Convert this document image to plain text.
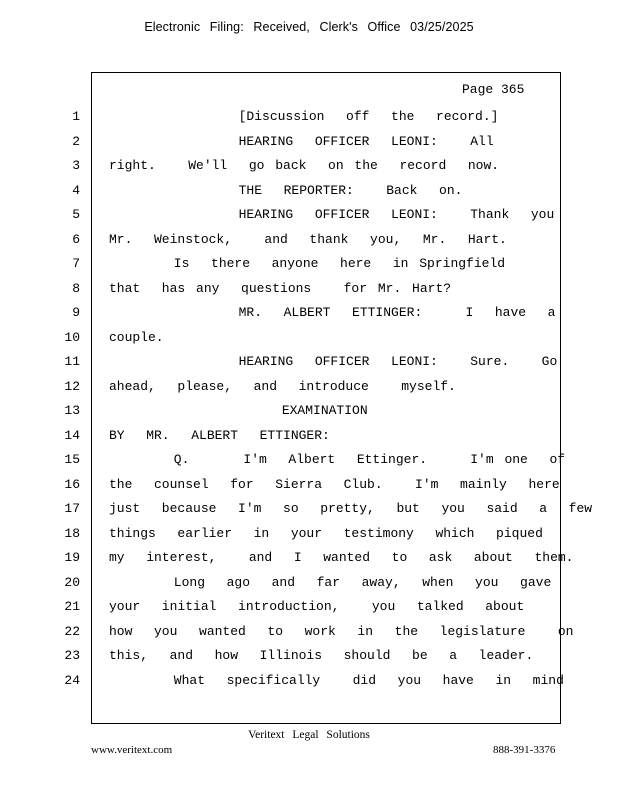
Electronic Filing: Received, Clerk's Office 03/25/2025
Page 365
1 [Discussion  off  the  record.]
2 HEARING  OFFICER  LEONI:   All
3 right.   We'll  go back  on the  record  now.
4 THE  REPORTER:   Back  on.
5 HEARING  OFFICER  LEONI:   Thank  you
6 Mr.  Weinstock,   and  thank  you,  Mr.  Hart.
7 Is  there  anyone  here  in Springfield
8 that  has any  questions   for Mr. Hart?
9 MR.  ALBERT  ETTINGER:    I  have  a
10 couple.
11 HEARING  OFFICER  LEONI:   Sure.   Go
12 ahead,  please,  and  introduce   myself.
13 EXAMINATION
14 BY  MR.  ALBERT  ETTINGER:
15 Q.     I'm  Albert  Ettinger.    I'm one  of
16 the  counsel  for  Sierra  Club.   I'm  mainly  here
17 just  because  I'm  so  pretty,  but  you  said  a  few
18 things  earlier  in  your  testimony  which  piqued
19 my  interest,   and  I  wanted  to  ask  about  them.
20 Long  ago  and  far  away,  when  you  gave
21 your  initial  introduction,   you  talked  about
22 how  you  wanted  to  work  in  the  legislature   on
23 this,  and  how  Illinois  should  be  a  leader.
24 What  specifically   did  you  have  in  mind
Veritext Legal Solutions
www.veritext.com	888-391-3376
